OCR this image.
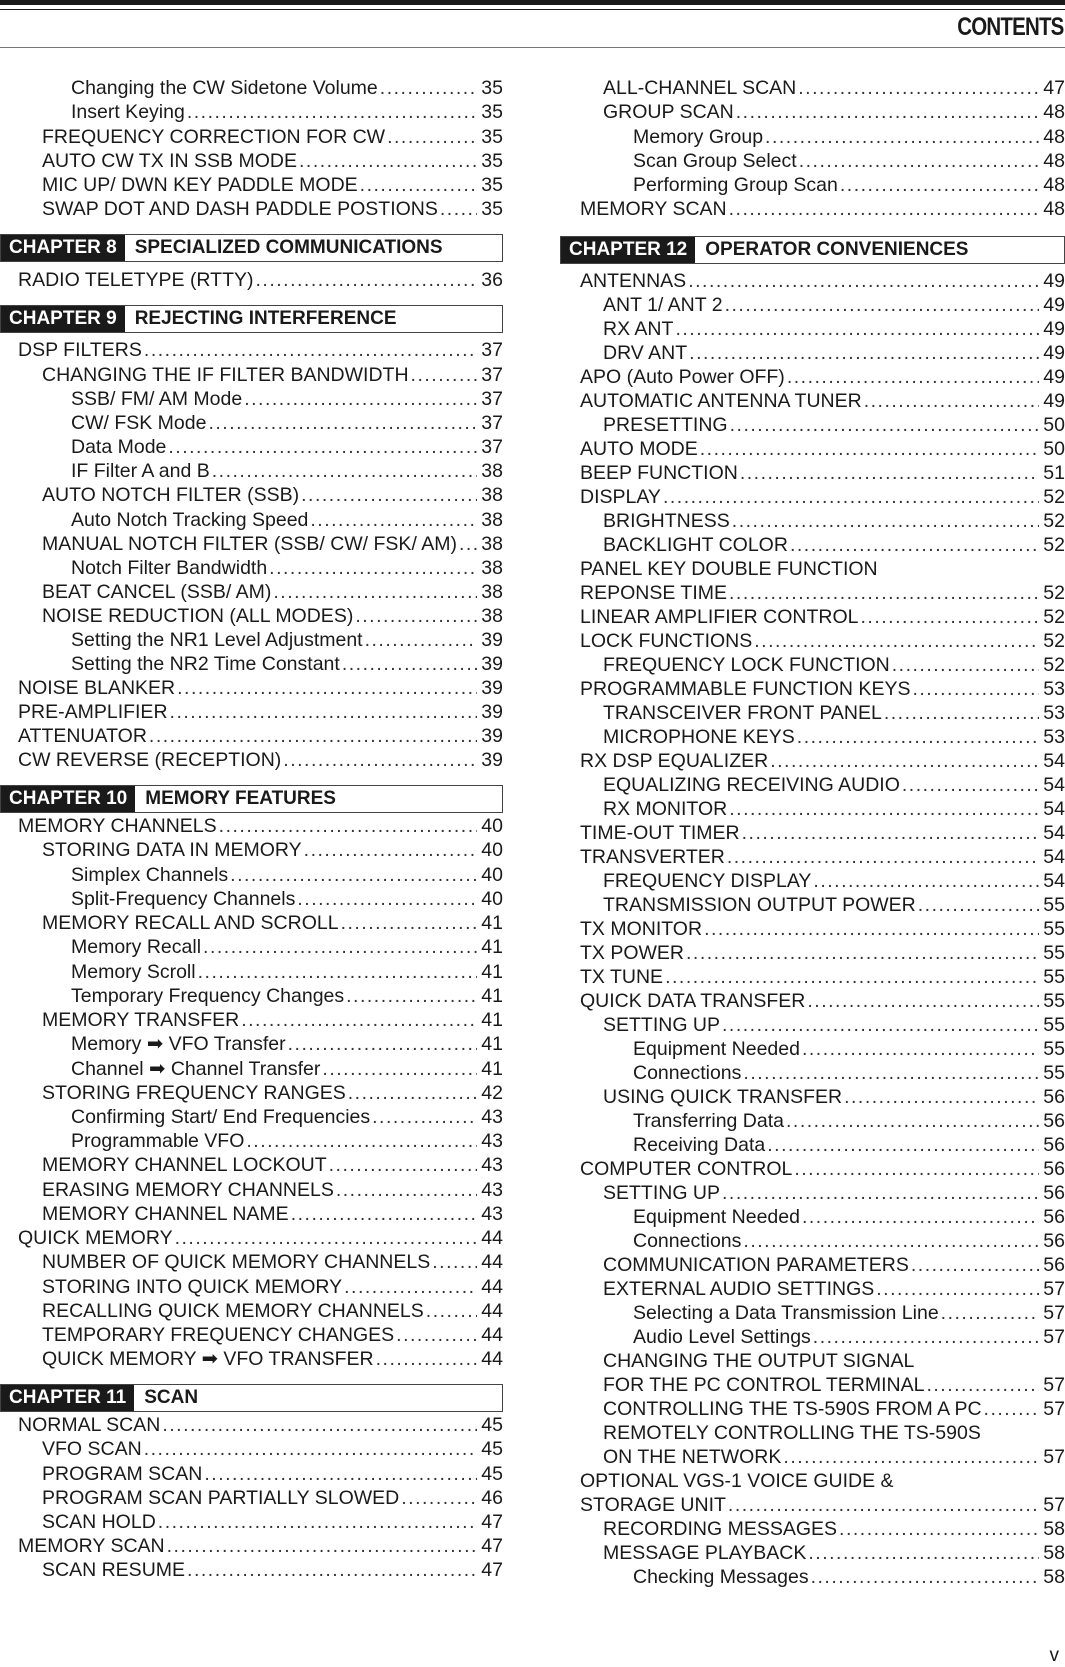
CONTENTS
Changing the CW Sidetone Volume .....	35
Insert Keying .....	35
FREQUENCY CORRECTION FOR CW .....	35
AUTO CW TX IN SSB MODE .....	35
MIC UP/ DWN KEY PADDLE MODE .....	35
SWAP DOT AND DASH PADDLE POSTIONS ..... 35
CHAPTER 8 SPECIALIZED COMMUNICATIONS
RADIO TELETYPE (RTTY) .....	36
CHAPTER 9 REJECTING INTERFERENCE
DSP FILTERS .....	37
CHANGING THE IF FILTER BANDWIDTH .....	37
SSB/ FM/ AM Mode .....	37
CW/ FSK Mode .....	37
Data Mode .....	37
IF Filter A and B .....	38
AUTO NOTCH FILTER (SSB) .....	38
Auto Notch Tracking Speed .....	38
MANUAL NOTCH FILTER (SSB/ CW/ FSK/ AM) ..... 38
Notch Filter Bandwidth .....	38
BEAT CANCEL (SSB/ AM) .....	38
NOISE REDUCTION (ALL MODES) .....	38
Setting the NR1 Level Adjustment .....	39
Setting the NR2 Time Constant .....	39
NOISE BLANKER .....	39
PRE-AMPLIFIER .....	39
ATTENUATOR .....	39
CW REVERSE (RECEPTION) .....	39
CHAPTER 10 MEMORY FEATURES
MEMORY CHANNELS .....	40
STORING DATA IN MEMORY .....	40
Simplex Channels .....	40
Split-Frequency Channels .....	40
MEMORY RECALL AND SCROLL .....	41
Memory Recall .....	41
Memory Scroll .....	41
Temporary Frequency Changes .....	41
MEMORY TRANSFER .....	41
Memory ➡ VFO Transfer .....	41
Channel ➡ Channel Transfer .....	41
STORING FREQUENCY RANGES .....	42
Confirming Start/ End Frequencies .....	43
Programmable VFO .....	43
MEMORY CHANNEL LOCKOUT .....	43
ERASING MEMORY CHANNELS .....	43
MEMORY CHANNEL NAME .....	43
QUICK MEMORY .....	44
NUMBER OF QUICK MEMORY CHANNELS .....	44
STORING INTO QUICK MEMORY .....	44
RECALLING QUICK MEMORY CHANNELS .....	44
TEMPORARY FREQUENCY CHANGES .....	44
QUICK MEMORY ➡ VFO TRANSFER .....	44
CHAPTER 11 SCAN
NORMAL SCAN .....	45
VFO SCAN .....	45
PROGRAM SCAN .....	45
PROGRAM SCAN PARTIALLY SLOWED .....	46
SCAN HOLD .....	47
MEMORY SCAN .....	47
SCAN RESUME .....	47
ALL-CHANNEL SCAN .....	47
GROUP SCAN .....	48
Memory Group .....	48
Scan Group Select .....	48
Performing Group Scan .....	48
MEMORY SCAN .....	48
CHAPTER 12 OPERATOR CONVENIENCES
ANTENNAS .....	49
ANT 1/ ANT 2 .....	49
RX ANT .....	49
DRV ANT .....	49
APO (Auto Power OFF) .....	49
AUTOMATIC ANTENNA TUNER .....	49
PRESETTING .....	50
AUTO MODE .....	50
BEEP FUNCTION .....	51
DISPLAY .....	52
BRIGHTNESS .....	52
BACKLIGHT COLOR .....	52
PANEL KEY DOUBLE FUNCTION
REPONSE TIME .....	52
LINEAR AMPLIFIER CONTROL .....	52
LOCK FUNCTIONS .....	52
FREQUENCY LOCK FUNCTION .....	52
PROGRAMMABLE FUNCTION KEYS .....	53
TRANSCEIVER FRONT PANEL .....	53
MICROPHONE KEYS .....	53
RX DSP EQUALIZER .....	54
EQUALIZING RECEIVING AUDIO .....	54
RX MONITOR .....	54
TIME-OUT TIMER .....	54
TRANSVERTER .....	54
FREQUENCY DISPLAY .....	54
TRANSMISSION OUTPUT POWER .....	55
TX MONITOR .....	55
TX POWER .....	55
TX TUNE .....	55
QUICK DATA TRANSFER .....	55
SETTING UP .....	55
Equipment Needed .....	55
Connections .....	55
USING QUICK TRANSFER .....	56
Transferring Data .....	56
Receiving Data .....	56
COMPUTER CONTROL .....	56
SETTING UP .....	56
Equipment Needed .....	56
Connections .....	56
COMMUNICATION PARAMETERS .....	56
EXTERNAL AUDIO SETTINGS .....	57
Selecting a Data Transmission Line .....	57
Audio Level Settings .....	57
CHANGING THE OUTPUT SIGNAL
FOR THE PC CONTROL TERMINAL .....	57
CONTROLLING THE TS-590S FROM A PC .....	57
REMOTELY CONTROLLING THE TS-590S
ON THE NETWORK .....	57
OPTIONAL VGS-1 VOICE GUIDE &
STORAGE UNIT .....	57
RECORDING MESSAGES .....	58
MESSAGE PLAYBACK .....	58
Checking Messages .....	58
v
